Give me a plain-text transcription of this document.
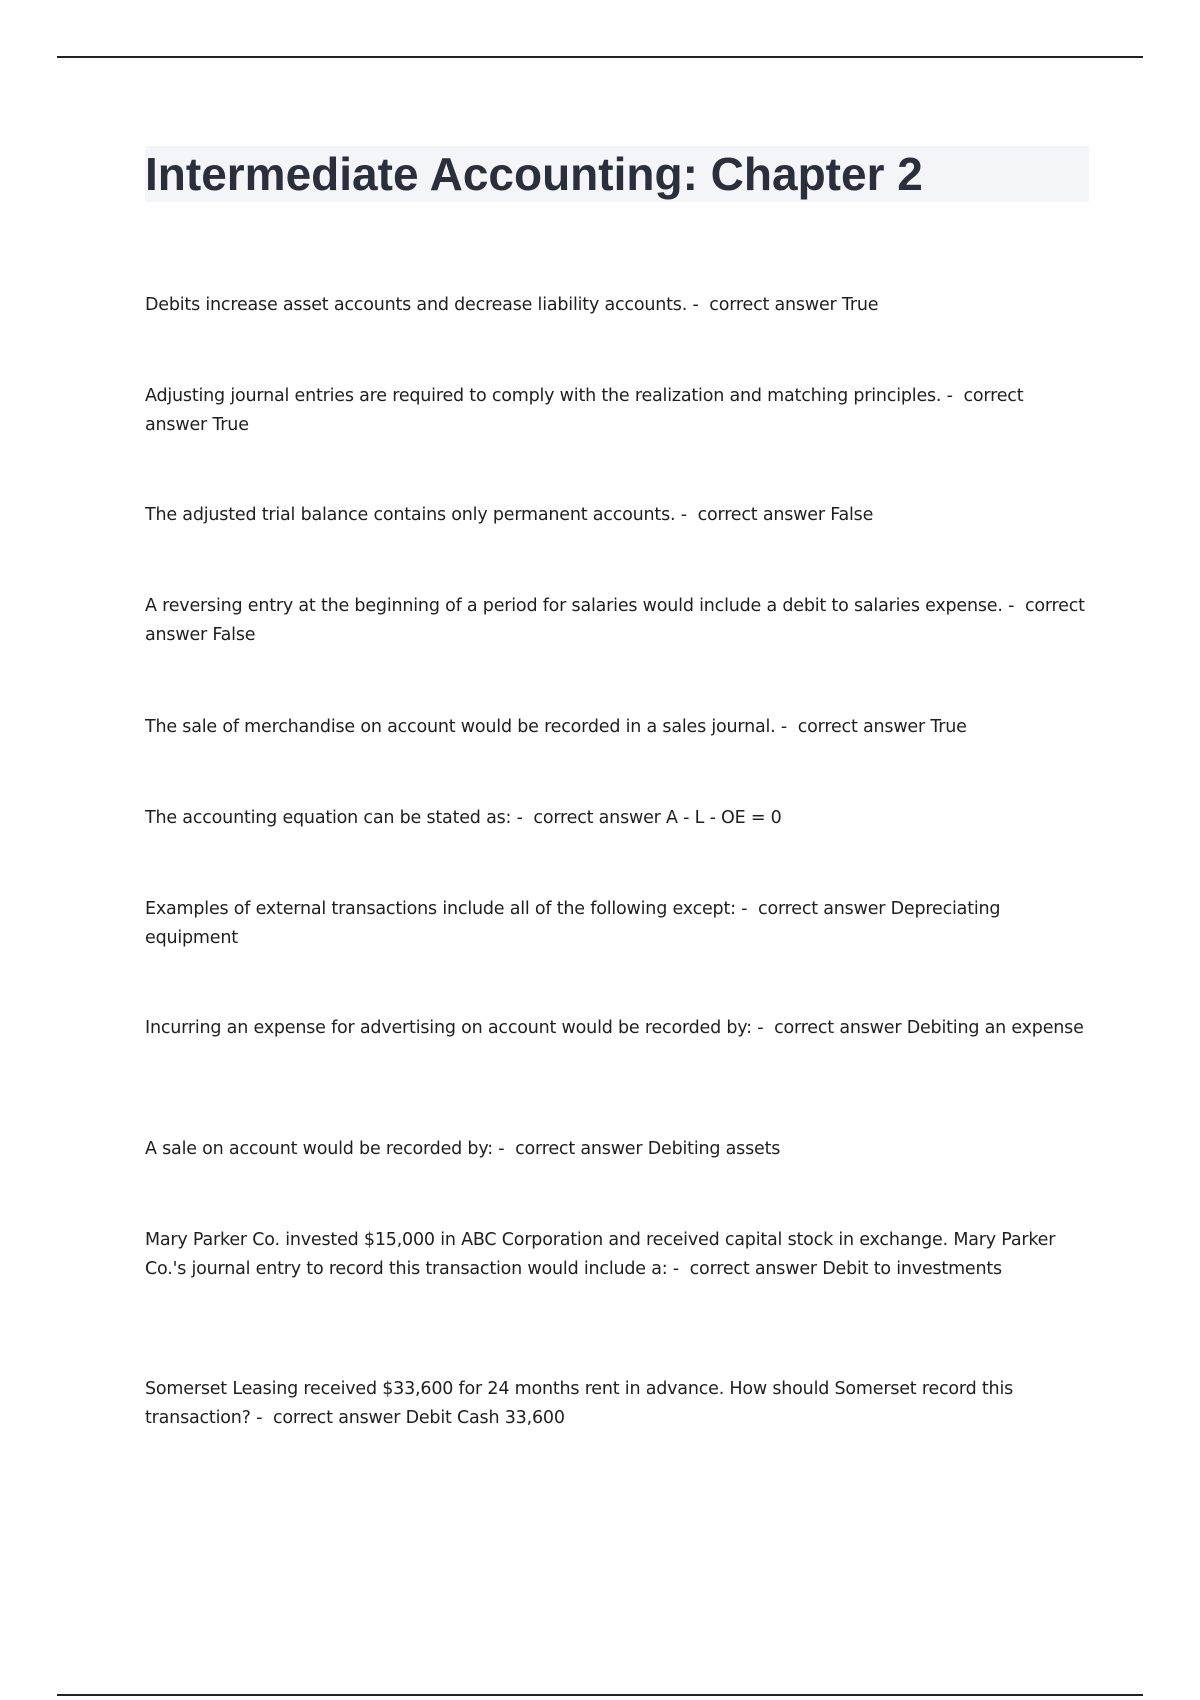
Intermediate Accounting: Chapter 2

Debits increase asset accounts and decrease liability accounts. -  correct answer True

Adjusting journal entries are required to comply with the realization and matching principles. -  correct answer True

The adjusted trial balance contains only permanent accounts. -  correct answer False

A reversing entry at the beginning of a period for salaries would include a debit to salaries expense. -  correct answer False

The sale of merchandise on account would be recorded in a sales journal. -  correct answer True

The accounting equation can be stated as: -  correct answer A - L - OE = 0

Examples of external transactions include all of the following except: -  correct answer Depreciating equipment

Incurring an expense for advertising on account would be recorded by: -  correct answer Debiting an expense

A sale on account would be recorded by: -  correct answer Debiting assets

Mary Parker Co. invested $15,000 in ABC Corporation and received capital stock in exchange. Mary Parker Co.'s journal entry to record this transaction would include a: -  correct answer Debit to investments

Somerset Leasing received $33,600 for 24 months rent in advance. How should Somerset record this transaction? -  correct answer Debit Cash 33,600
